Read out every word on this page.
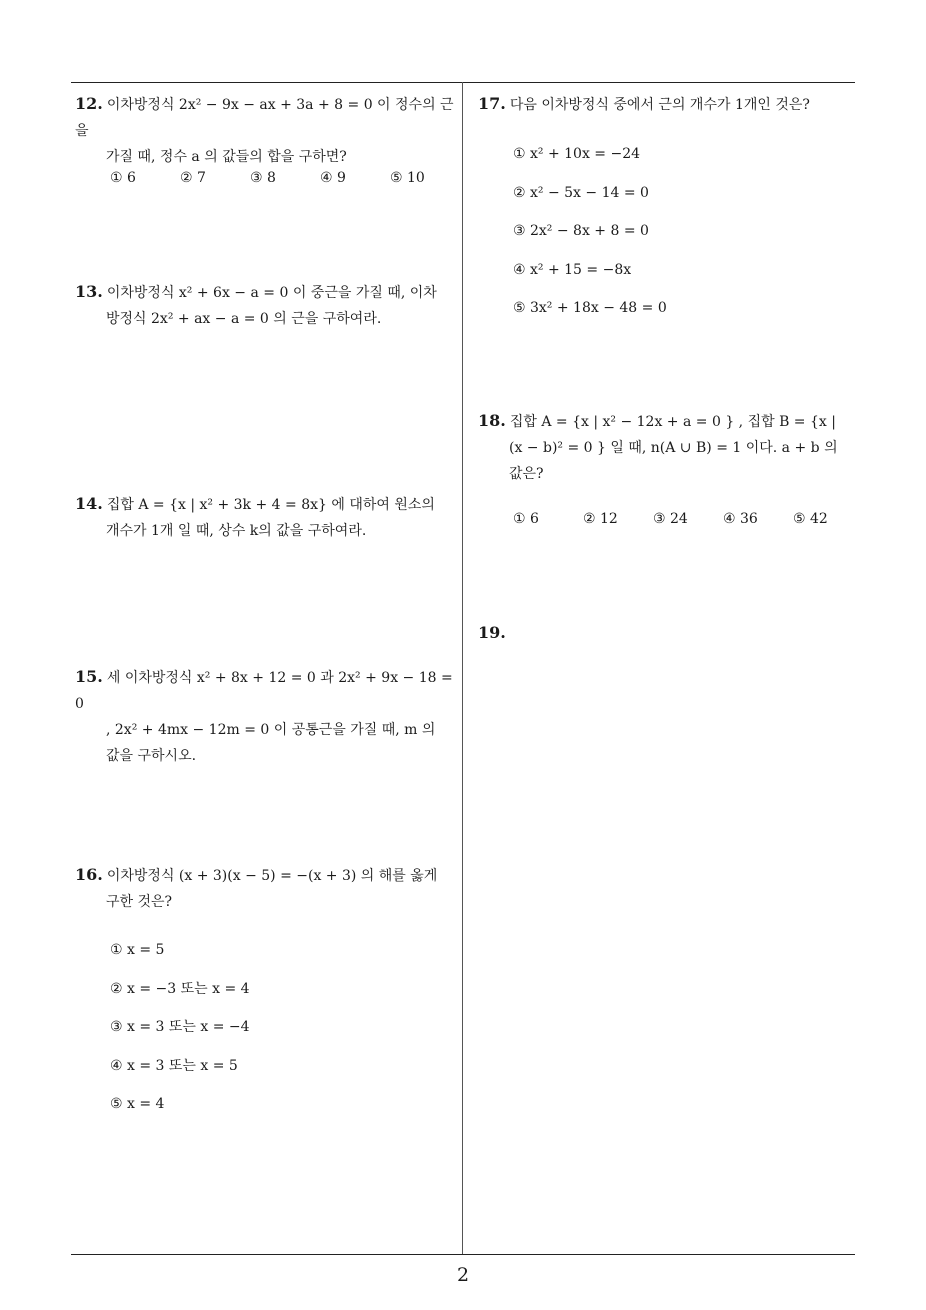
12. 이차방정식 2x² − 9x − ax + 3a + 8 = 0 이 정수의 근을
가질 때, 정수 a 의 값들의 합을 구하면?
① 6	② 7	③ 8	④ 9	⑤ 10
13. 이차방정식 x² + 6x − a = 0 이 중근을 가질 때, 이차
방정식 2x² + ax − a = 0 의 근을 구하여라.
14. 집합 A = {x | x² + 3k + 4 = 8x} 에 대하여 원소의
개수가 1개 일 때, 상수 k의 값을 구하여라.
15. 세 이차방정식 x² + 8x + 12 = 0 과 2x² + 9x − 18 = 0
, 2x² + 4mx − 12m = 0 이 공통근을 가질 때, m 의
값을 구하시오.
16. 이차방정식 (x + 3)(x − 5) = −(x + 3) 의 해를 옳게
구한 것은?
① x = 5
② x = −3 또는 x = 4
③ x = 3 또는 x = −4
④ x = 3 또는 x = 5
⑤ x = 4
17. 다음 이차방정식 중에서 근의 개수가 1개인 것은?
① x² + 10x = −24
② x² − 5x − 14 = 0
③ 2x² − 8x + 8 = 0
④ x² + 15 = −8x
⑤ 3x² + 18x − 48 = 0
18. 집합 A = {x | x² − 12x + a = 0 } , 집합 B = {x |
(x − b)² = 0 } 일 때, n(A ∪ B) = 1 이다. a + b 의
값은?
① 6	② 12	③ 24	④ 36	⑤ 42
19.
2
